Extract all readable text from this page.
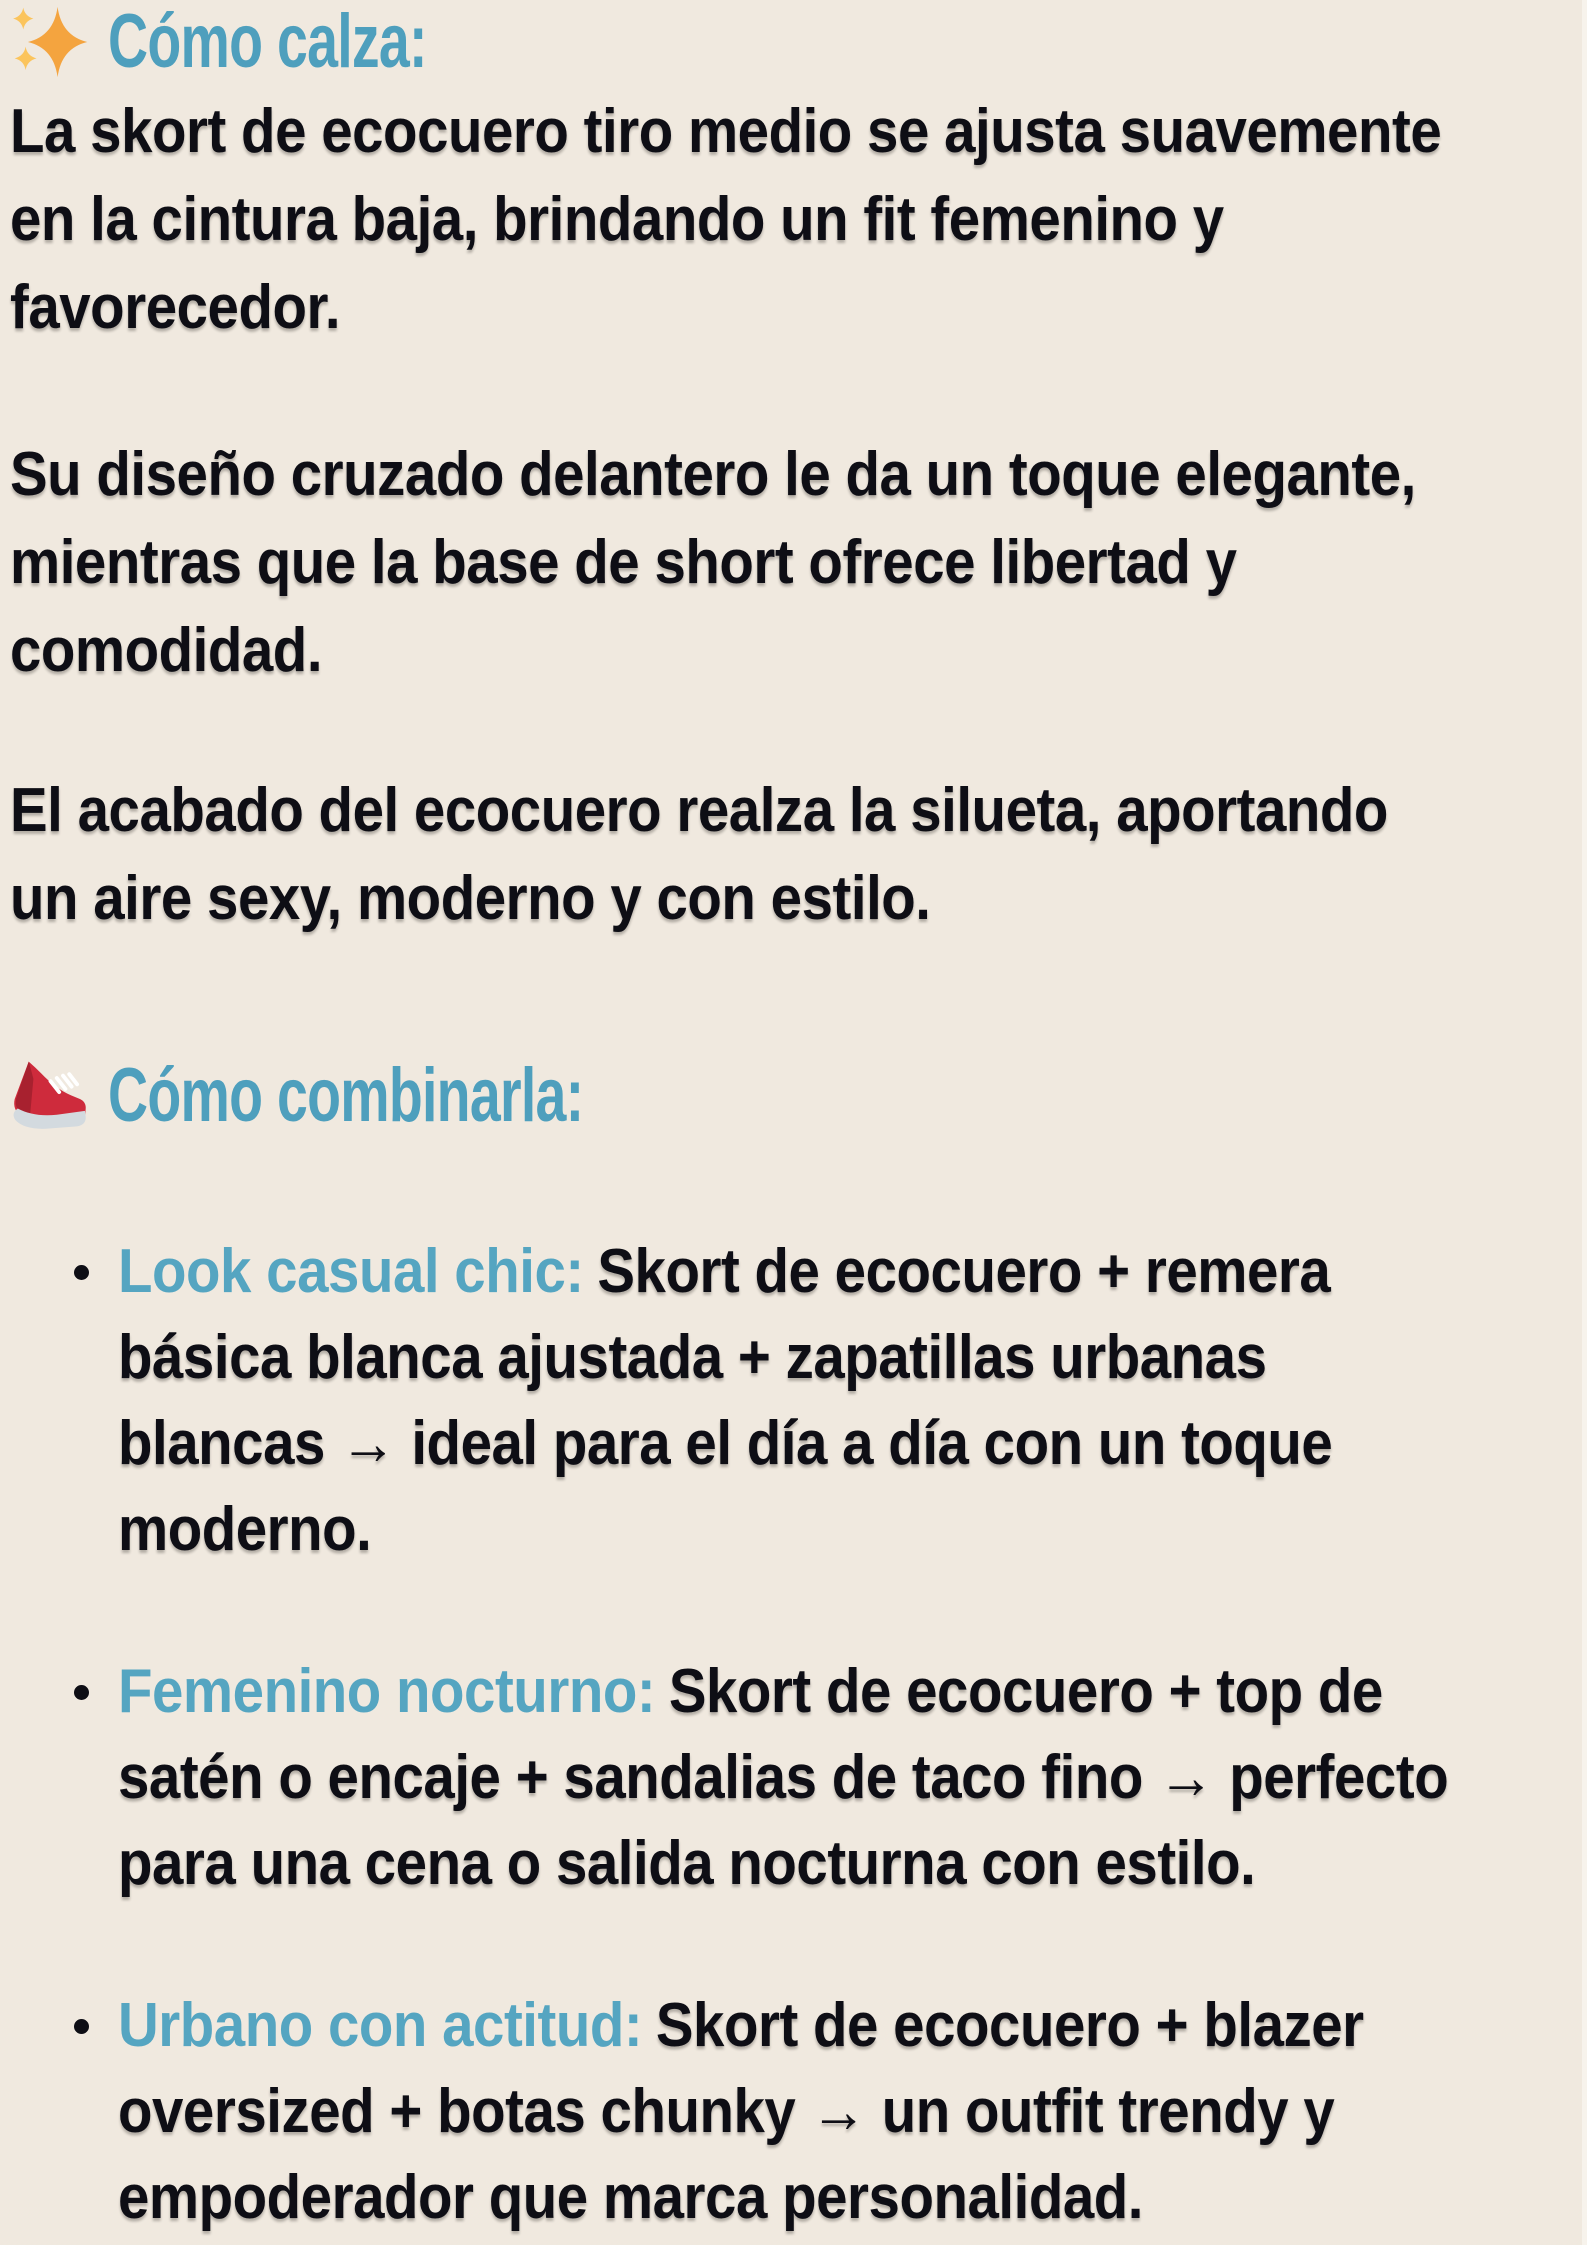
Cómo calza:
La skort de ecocuero tiro medio se ajusta suavemente
en la cintura baja, brindando un fit femenino y
favorecedor.
Su diseño cruzado delantero le da un toque elegante,
mientras que la base de short ofrece libertad y
comodidad.
El acabado del ecocuero realza la silueta, aportando
un aire sexy, moderno y con estilo.
Cómo combinarla:
Look casual chic: Skort de ecocuero + remera
básica blanca ajustada + zapatillas urbanas
blancas → ideal para el día a día con un toque
moderno.
Femenino nocturno: Skort de ecocuero + top de
satén o encaje + sandalias de taco fino → perfecto
para una cena o salida nocturna con estilo.
Urbano con actitud: Skort de ecocuero + blazer
oversized + botas chunky → un outfit trendy y
empoderador que marca personalidad.
